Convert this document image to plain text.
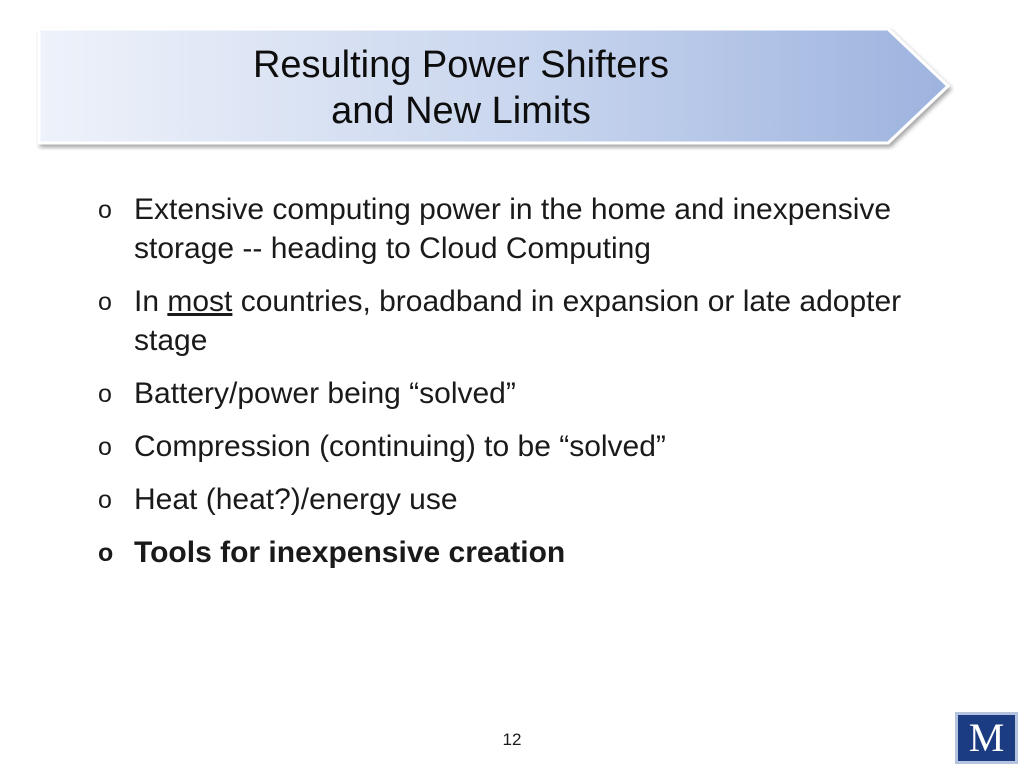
Resulting Power Shifters
and New Limits
o Extensive computing power in the home and inexpensive storage -- heading to Cloud Computing
o In most countries, broadband in expansion or late adopter stage
o Battery/power being “solved”
o Compression (continuing) to be “solved”
o Heat (heat?)/energy use
o Tools for inexpensive creation
12	M
